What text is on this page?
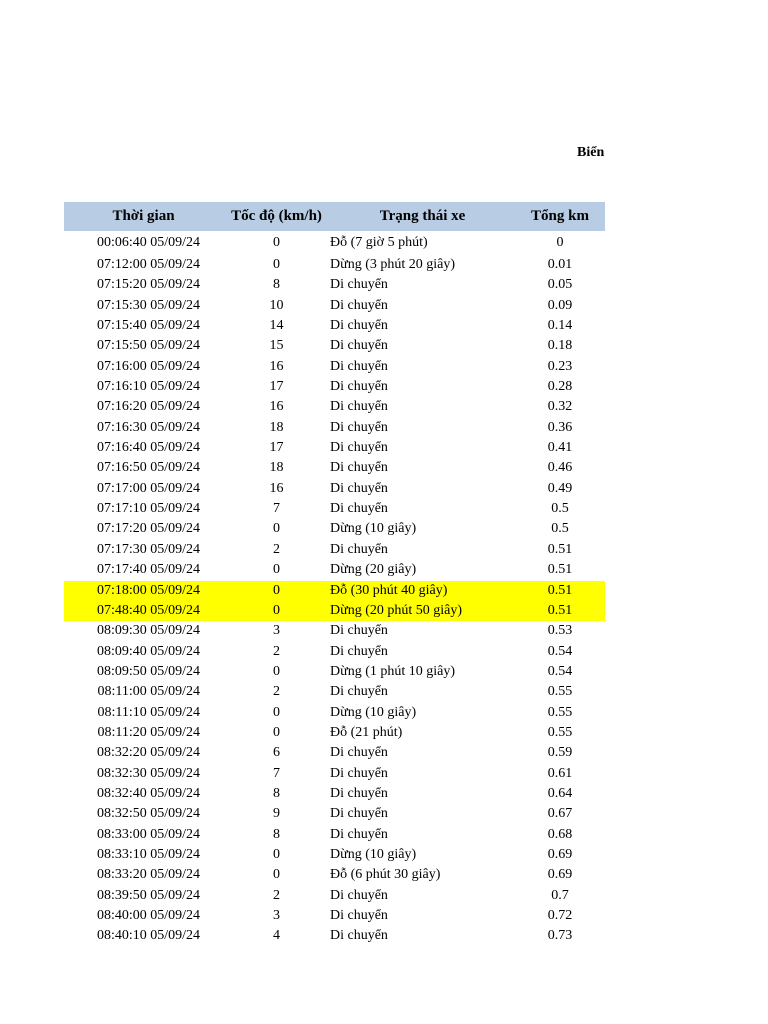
Biển
Thời gian	Tốc độ (km/h)	Trạng thái xe	Tổng km
00:06:40 05/09/24	0	Đỗ (7 giờ 5 phút)	0
07:12:00 05/09/24	0	Dừng (3 phút 20 giây)	0.01
07:15:20 05/09/24	8	Di chuyển	0.05
07:15:30 05/09/24	10	Di chuyển	0.09
07:15:40 05/09/24	14	Di chuyển	0.14
07:15:50 05/09/24	15	Di chuyển	0.18
07:16:00 05/09/24	16	Di chuyển	0.23
07:16:10 05/09/24	17	Di chuyển	0.28
07:16:20 05/09/24	16	Di chuyển	0.32
07:16:30 05/09/24	18	Di chuyển	0.36
07:16:40 05/09/24	17	Di chuyển	0.41
07:16:50 05/09/24	18	Di chuyển	0.46
07:17:00 05/09/24	16	Di chuyển	0.49
07:17:10 05/09/24	7	Di chuyển	0.5
07:17:20 05/09/24	0	Dừng (10 giây)	0.5
07:17:30 05/09/24	2	Di chuyển	0.51
07:17:40 05/09/24	0	Dừng (20 giây)	0.51
07:18:00 05/09/24	0	Đỗ (30 phút 40 giây)	0.51
07:48:40 05/09/24	0	Dừng (20 phút 50 giây)	0.51
08:09:30 05/09/24	3	Di chuyển	0.53
08:09:40 05/09/24	2	Di chuyển	0.54
08:09:50 05/09/24	0	Dừng (1 phút 10 giây)	0.54
08:11:00 05/09/24	2	Di chuyển	0.55
08:11:10 05/09/24	0	Dừng (10 giây)	0.55
08:11:20 05/09/24	0	Đỗ (21 phút)	0.55
08:32:20 05/09/24	6	Di chuyển	0.59
08:32:30 05/09/24	7	Di chuyển	0.61
08:32:40 05/09/24	8	Di chuyển	0.64
08:32:50 05/09/24	9	Di chuyển	0.67
08:33:00 05/09/24	8	Di chuyển	0.68
08:33:10 05/09/24	0	Dừng (10 giây)	0.69
08:33:20 05/09/24	0	Đỗ (6 phút 30 giây)	0.69
08:39:50 05/09/24	2	Di chuyển	0.7
08:40:00 05/09/24	3	Di chuyển	0.72
08:40:10 05/09/24	4	Di chuyển	0.73
